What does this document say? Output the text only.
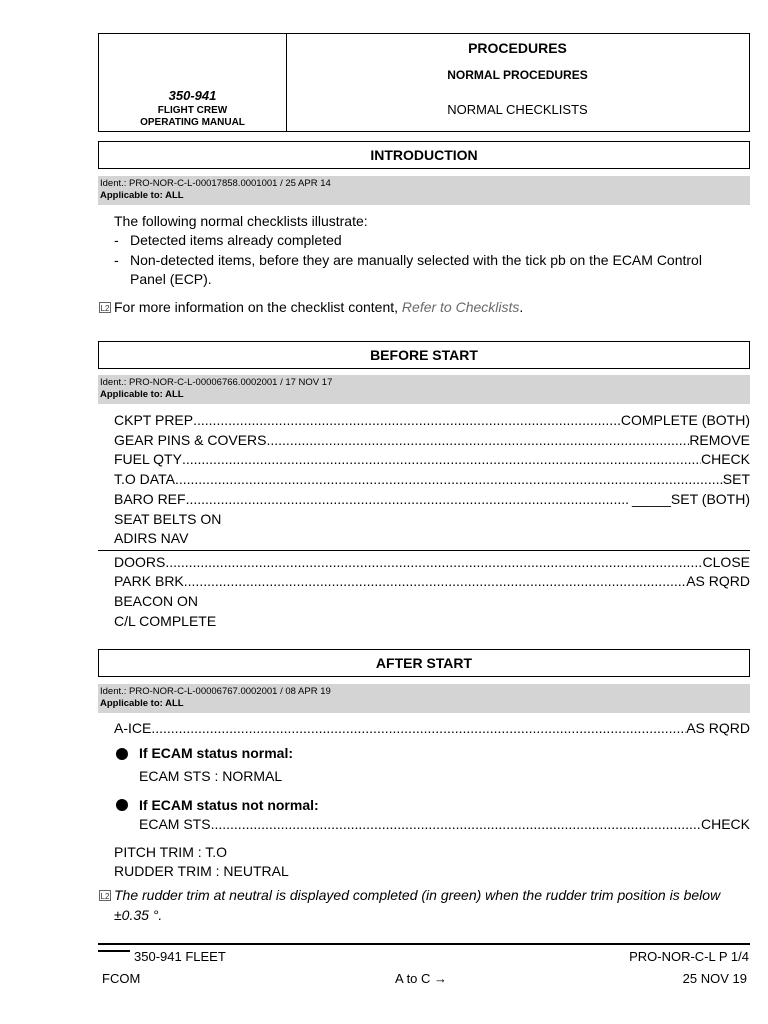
350-941
FLIGHT CREW
OPERATING MANUAL
PROCEDURES
NORMAL PROCEDURES
NORMAL CHECKLISTS
INTRODUCTION
Ident.: PRO-NOR-C-L-00017858.0001001 / 25 APR 14
Applicable to: ALL
The following normal checklists illustrate:
- Detected items already completed
- Non-detected items, before they are manually selected with the tick pb on the ECAM Control Panel (ECP).
L2 For more information on the checklist content, Refer to Checklists.
BEFORE START
Ident.: PRO-NOR-C-L-00006766.0002001 / 17 NOV 17
Applicable to: ALL
CKPT PREP .....	COMPLETE (BOTH)
GEAR PINS & COVERS .....	REMOVE
FUEL QTY .....	CHECK
T.O DATA .....	SET
BARO REF .....	_____SET (BOTH)
SEAT BELTS ON
ADIRS NAV
DOORS .....	CLOSE
PARK BRK .....	AS RQRD
BEACON ON
C/L COMPLETE
AFTER START
Ident.: PRO-NOR-C-L-00006767.0002001 / 08 APR 19
Applicable to: ALL
A-ICE .....	AS RQRD
If ECAM status normal:
ECAM STS : NORMAL
If ECAM status not normal:
ECAM STS .....	CHECK
PITCH TRIM : T.O
RUDDER TRIM : NEUTRAL
L2 The rudder trim at neutral is displayed completed (in green) when the rudder trim position is below
±0.35 °.
350-941 FLEET	PRO-NOR-C-L P 1/4
FCOM	A to C →	25 NOV 19
